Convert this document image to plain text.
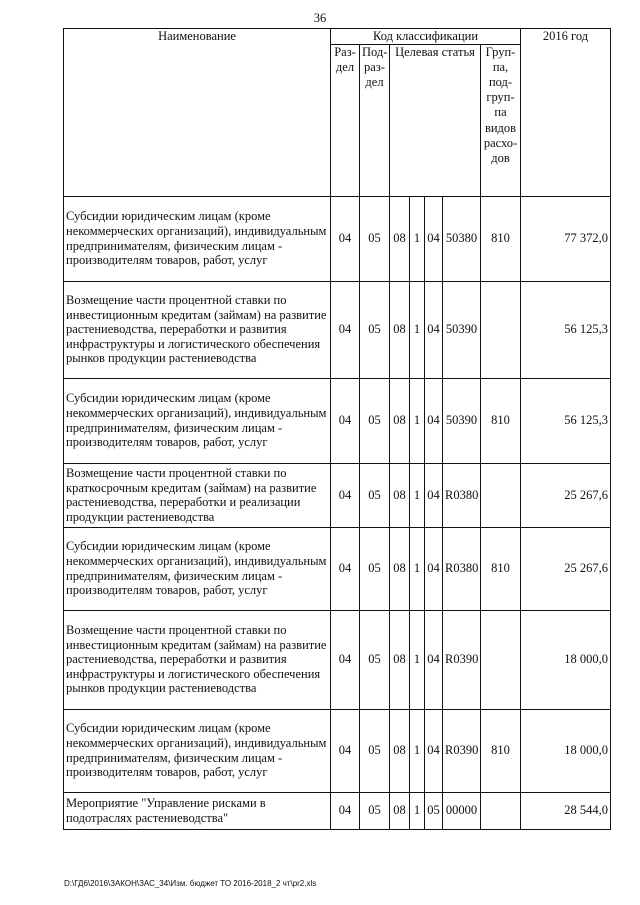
36
Наименование	Код классификации							2016 год
	Раз- дел	Под- раз- дел	Целевая статья				Груп- па, под- груп- па видов расхо- дов	
Субсидии юридическим лицам (кроме некоммерческих организаций), индивидуальным предпринимателям, физическим лицам - производителям товаров, работ, услуг	04	05	08	1	04	50380	810	77 372,0
Возмещение части процентной ставки по инвестиционным кредитам (займам) на развитие растениеводства, переработки и развития инфраструктуры и логистического обеспечения рынков продукции растениеводства	04	05	08	1	04	50390		56 125,3
Субсидии юридическим лицам (кроме некоммерческих организаций), индивидуальным предпринимателям, физическим лицам - производителям товаров, работ, услуг	04	05	08	1	04	50390	810	56 125,3
Возмещение части процентной ставки по краткосрочным кредитам (займам) на развитие растениеводства, переработки и реализации продукции растениеводства	04	05	08	1	04	R0380		25 267,6
Субсидии юридическим лицам (кроме некоммерческих организаций), индивидуальным предпринимателям, физическим лицам - производителям товаров, работ, услуг	04	05	08	1	04	R0380	810	25 267,6
Возмещение части процентной ставки по инвестиционным кредитам (займам) на развитие растениеводства, переработки и развития инфраструктуры и логистического обеспечения рынков продукции растениеводства	04	05	08	1	04	R0390		18 000,0
Субсидии юридическим лицам (кроме некоммерческих организаций), индивидуальным предпринимателям, физическим лицам - производителям товаров, работ, услуг	04	05	08	1	04	R0390	810	18 000,0
Мероприятие "Управление рисками в подотраслях растениеводства"	04	05	08	1	05	00000		28 544,0
D:\ГД6\2016\ЗАКОН\ЗАС_34\Изм. бюджет ТО 2016-2018_2 чт\pr2.xls
